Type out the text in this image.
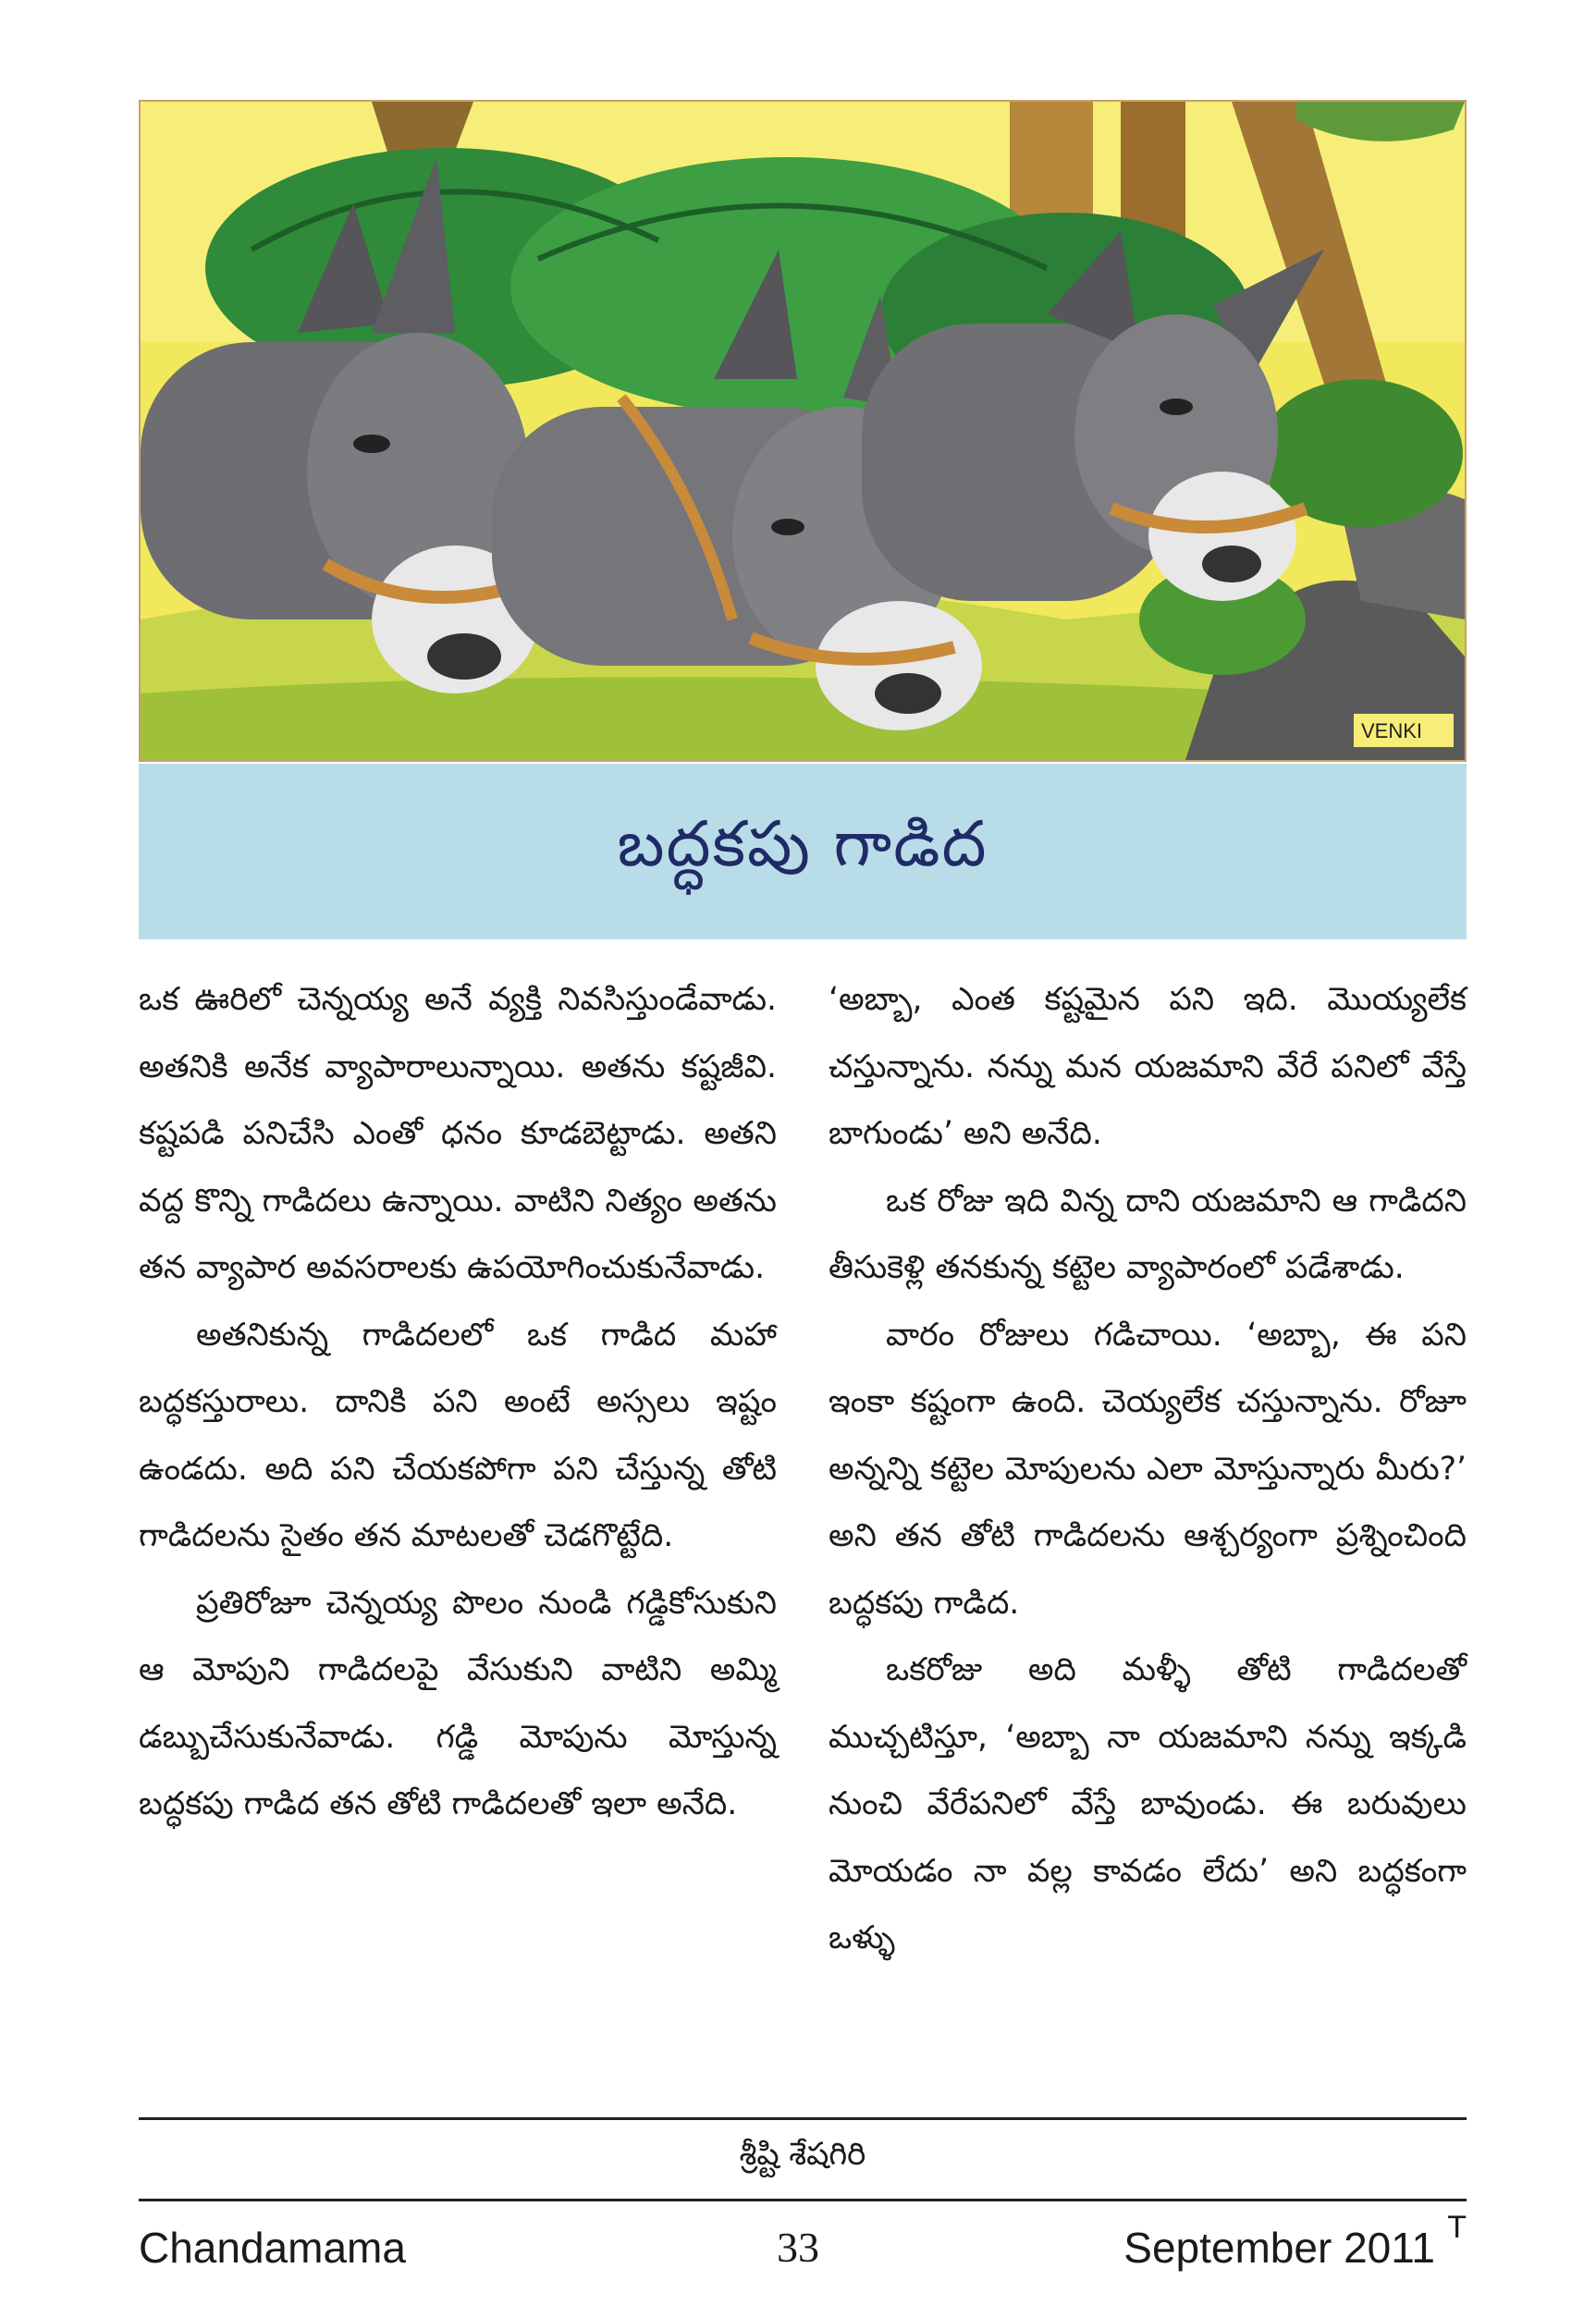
VENKI
బద్ధకపు గాడిద

ఒక ఊరిలో చెన్నయ్య అనే వ్యక్తి నివసిస్తుండేవాడు. అతనికి అనేక వ్యాపారాలున్నాయి. అతను కష్టజీవి. కష్టపడి పనిచేసి ఎంతో ధనం కూడబెట్టాడు. అతని వద్ద కొన్ని గాడిదలు ఉన్నాయి. వాటిని నిత్యం అతను తన వ్యాపార అవసరాలకు ఉపయోగించుకునేవాడు.

అతనికున్న గాడిదలలో ఒక గాడిద మహా బద్ధకస్తురాలు. దానికి పని అంటే అస్సలు ఇష్టం ఉండదు. అది పని చేయకపోగా పని చేస్తున్న తోటి గాడిదలను సైతం తన మాటలతో చెడగొట్టేది.

ప్రతిరోజూ చెన్నయ్య పొలం నుండి గడ్డికోసుకుని ఆ మోపుని గాడిదలపై వేసుకుని వాటిని అమ్మి డబ్బుచేసుకునేవాడు. గడ్డి మోపును మోస్తున్న బద్ధకపు గాడిద తన తోటి గాడిదలతో ఇలా అనేది.

‘అబ్బా, ఎంత కష్టమైన పని ఇది. మొయ్యలేక చస్తున్నాను. నన్ను మన యజమాని వేరే పనిలో వేస్తే బాగుండు’ అని అనేది.

ఒక రోజు ఇది విన్న దాని యజమాని ఆ గాడిదని తీసుకెళ్లి తనకున్న కట్టెల వ్యాపారంలో పడేశాడు.

వారం రోజులు గడిచాయి. ‘అబ్బా, ఈ పని ఇంకా కష్టంగా ఉంది. చెయ్యలేక చస్తున్నాను. రోజూ అన్నన్ని కట్టెల మోపులను ఎలా మోస్తున్నారు మీరు?’ అని తన తోటి గాడిదలను ఆశ్చర్యంగా ప్రశ్నించింది బద్ధకపు గాడిద.

ఒకరోజు అది మళ్ళీ తోటి గాడిదలతో ముచ్చటిస్తూ, ‘అబ్బా నా యజమాని నన్ను ఇక్కడి నుంచి వేరేపనిలో వేస్తే బావుండు. ఈ బరువులు మోయడం నా వల్ల కావడం లేదు’ అని బద్ధకంగా ఒళ్ళు

శ్రీష్టి శేషగిరి
Chandamama	33	September 2011 T
